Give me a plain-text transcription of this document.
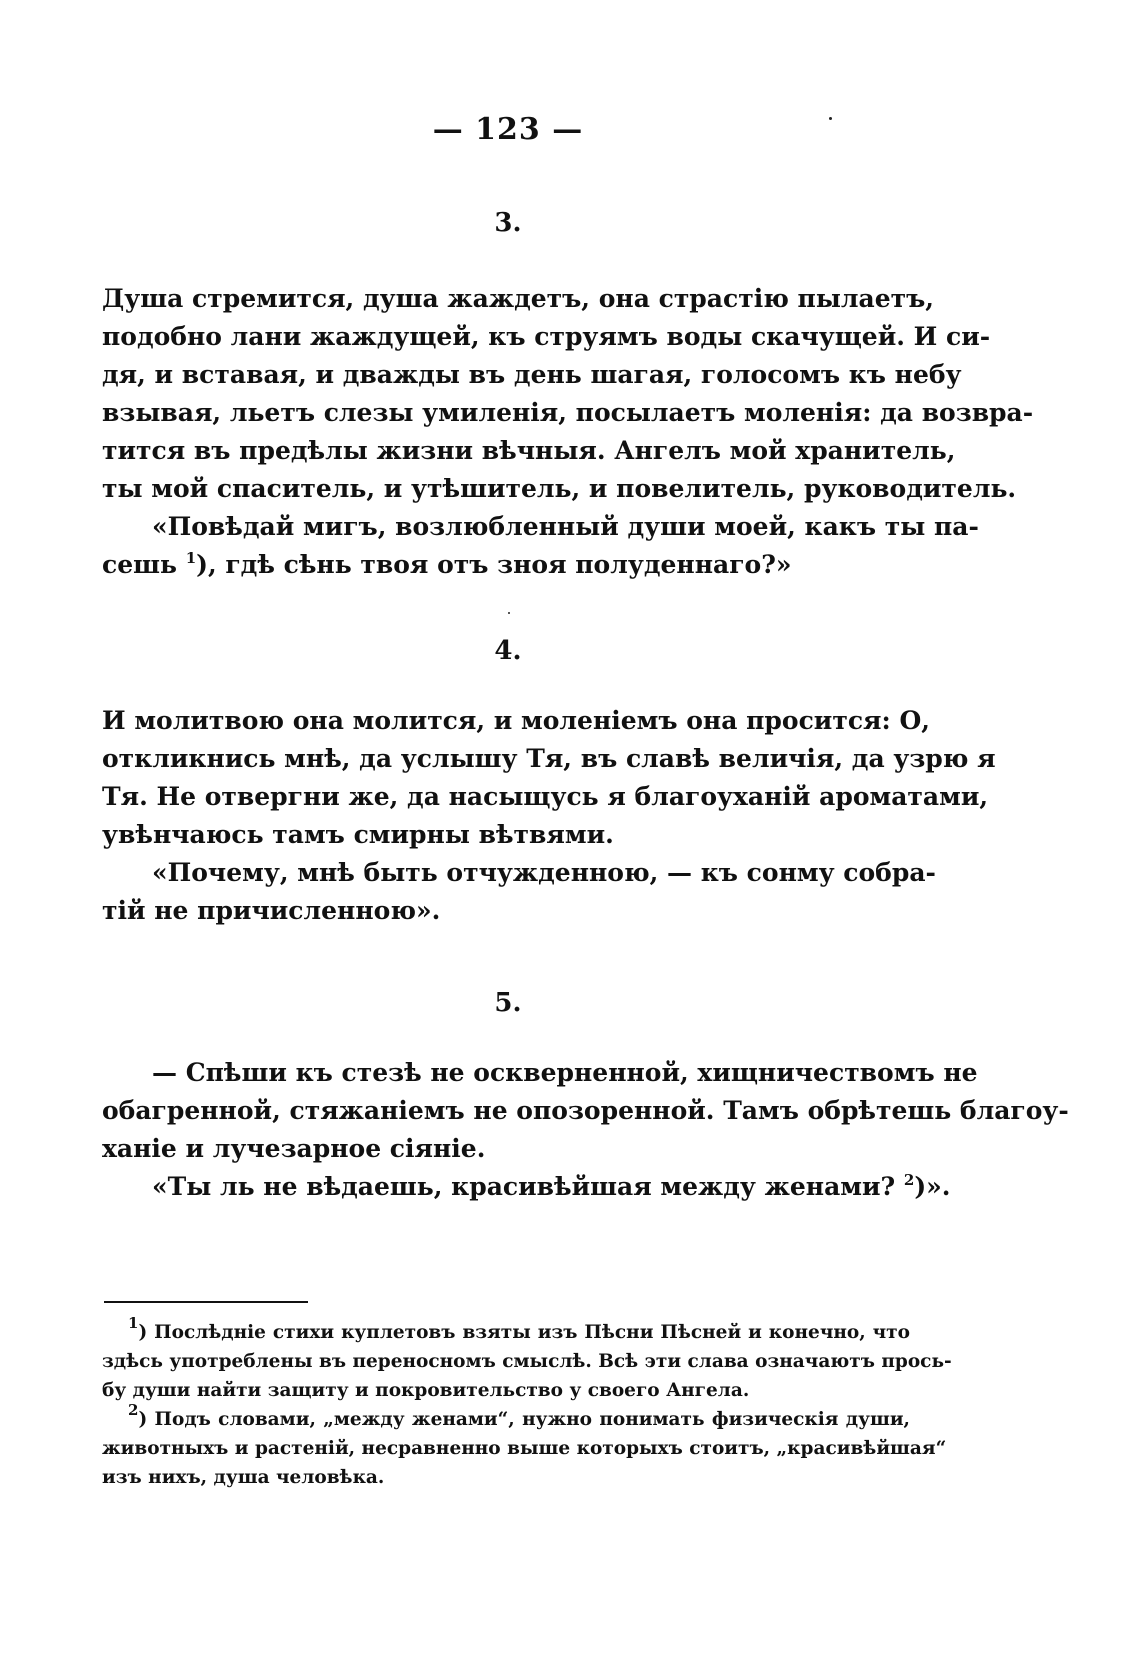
— 123 —
3.
Душа стремится, душа жаждетъ, она страстію пылаетъ,
подобно лани жаждущей, къ струямъ воды скачущей. И си-
дя, и вставая, и дважды въ день шагая, голосомъ къ небу
взывая, льетъ слезы умиленія, посылаетъ моленія: да возвра-
тится въ предѣлы жизни вѣчныя. Ангелъ мой хранитель,
ты мой спаситель, и утѣшитель, и повелитель, руководитель.
«Повѣдай мигъ, возлюбленный души моей, какъ ты па-
сешь $^1$), гдѣ сѣнь твоя отъ зноя полуденнаго?»
4.
И молитвою она молится, и моленіемъ она просится: О,
откликнись мнѣ, да услышу Тя, въ славѣ величія, да узрю я
Тя. Не отвергни же, да насыщусь я благоуханій ароматами,
увѣнчаюсь тамъ смирны вѣтвями.
«Почему, мнѣ быть отчужденною, — къ сонму собра-
тій не причисленною».
5.
— Спѣши къ стезѣ не оскверненной, хищничествомъ не
обагренной, стяжаніемъ не опозоренной. Тамъ обрѣтешь благоу-
ханіе и лучезарное сіяніе.
«Ты ль не вѣдаешь, красивѣйшая между женами? $^2$)».
$^1$) Послѣдніе стихи куплетовъ взяты изъ Пѣсни Пѣсней и конечно, что
здѣсь употреблены въ переносномъ смыслѣ. Всѣ эти слава означаютъ прось-
бу души найти защиту и покровительство у своего Ангела.
$^2$) Подъ словами, „между женами“, нужно понимать физическія души,
животныхъ и растеній, несравненно выше которыхъ стоитъ, „красивѣйшая“
изъ нихъ, душа человѣка.
